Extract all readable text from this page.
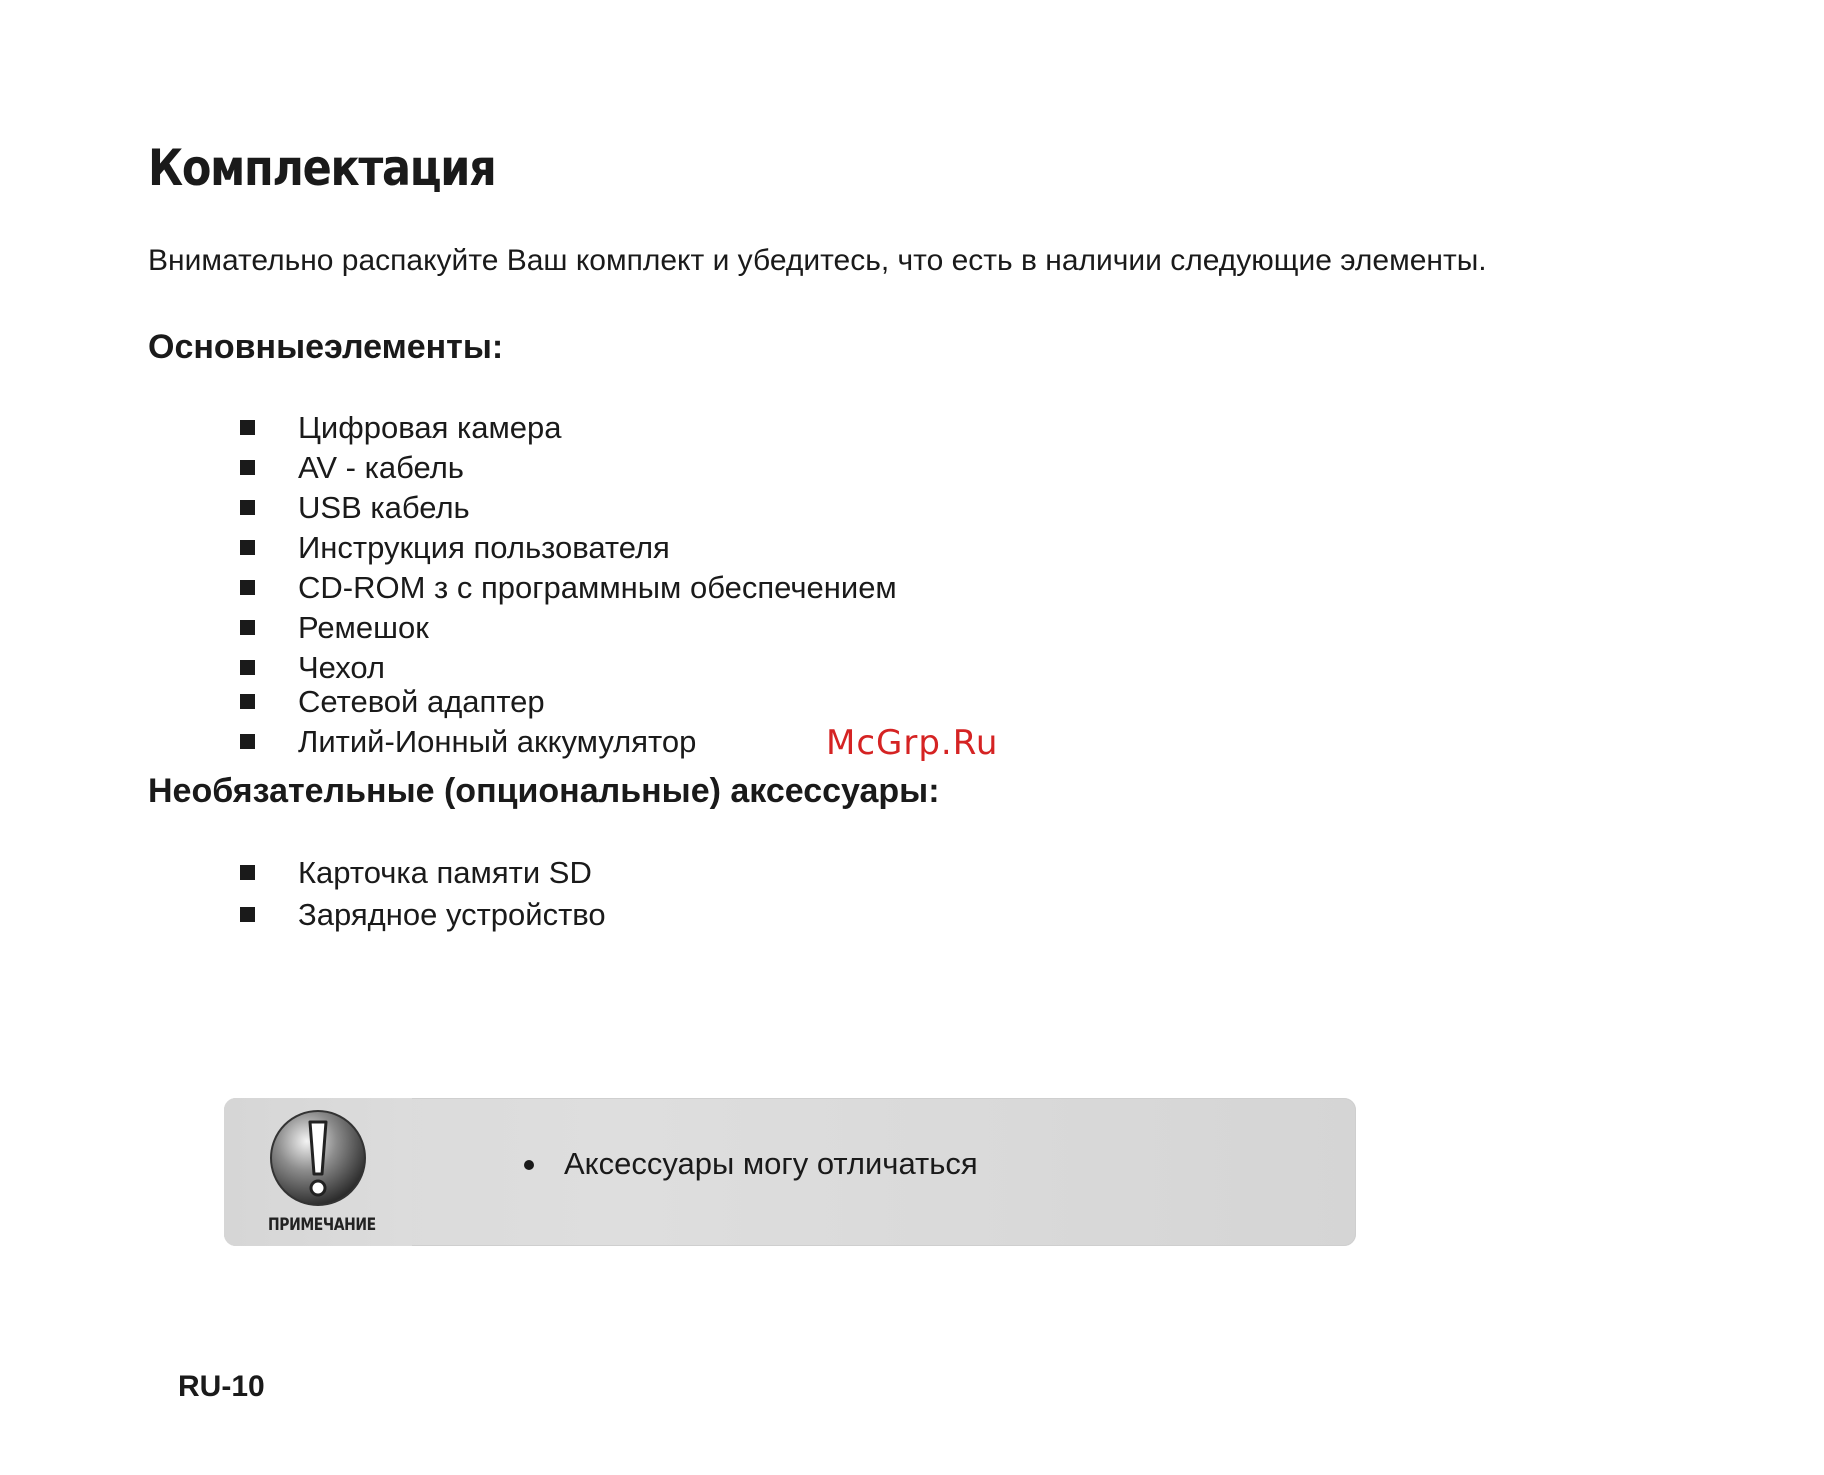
Комплектация

Внимательно распакуйте Ваш комплект и убедитесь, что есть в наличии следующие элементы.

Основныеэлементы:
Цифровая камера
AV - кабель
USB кабель
Инструкция пользователя
CD-ROM з с программным обеспечением
Ремешок
Чехол
Сетевой адаптер
Литий-Ионный аккумулятор	McGrp.Ru
Необязательные (опциональные) аксессуары:
Карточка памяти SD
Зарядное устройство
ПРИМЕЧАНИЕ
Аксессуары могу отличаться
RU-10
